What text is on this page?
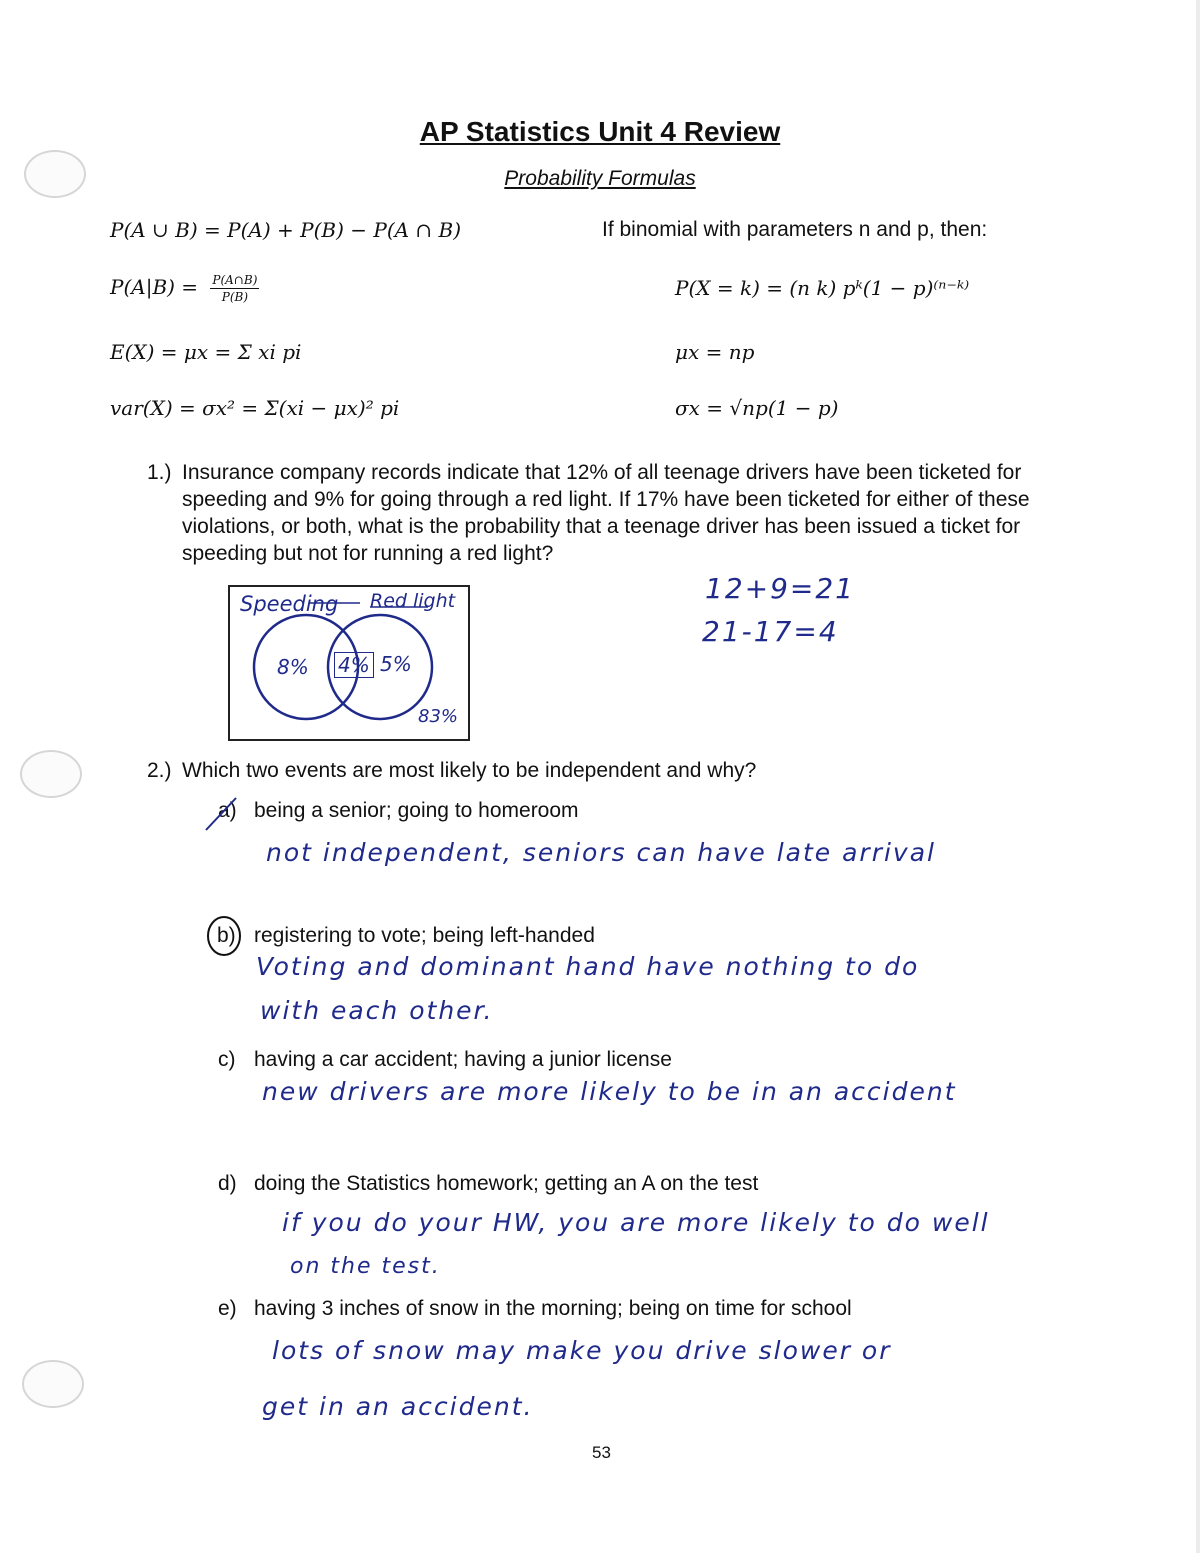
AP Statistics Unit 4 Review
Probability Formulas
P(A ∪ B) = P(A) + P(B) − P(A ∩ B)
$P(A|B) = \frac{P(A\cap B)}{P(B)}$
E(X) = μx = Σ xi pi
var(X) = σx² = Σ(xi − μx)² pi
If binomial with parameters n and p, then:
P(X = k) = (n k) pᵏ(1 − p)⁽ⁿ⁻ᵏ⁾
μx = np
σx = √np(1 − p)
1.) Insurance company records indicate that 12% of all teenage drivers have been ticketed for speeding and 9% for going through a red light. If 17% have been ticketed for either of these violations, or both, what is the probability that a teenage driver has been issued a ticket for speeding but not for running a red light?
12+9=21
21-17=4
Speeding Red light
8% 4% 5%
83%
2.) Which two events are most likely to be independent and why?
a) being a senior; going to homeroom
not independent, seniors can have late arrival
b) registering to vote; being left-handed
Voting and dominant hand have nothing to do
with each other.
c) having a car accident; having a junior license
new drivers are more likely to be in an accident
d) doing the Statistics homework; getting an A on the test
if you do your HW, you are more likely to do well
on the test.
e) having 3 inches of snow in the morning; being on time for school
lots of snow may make you drive slower or
get in an accident.
53
